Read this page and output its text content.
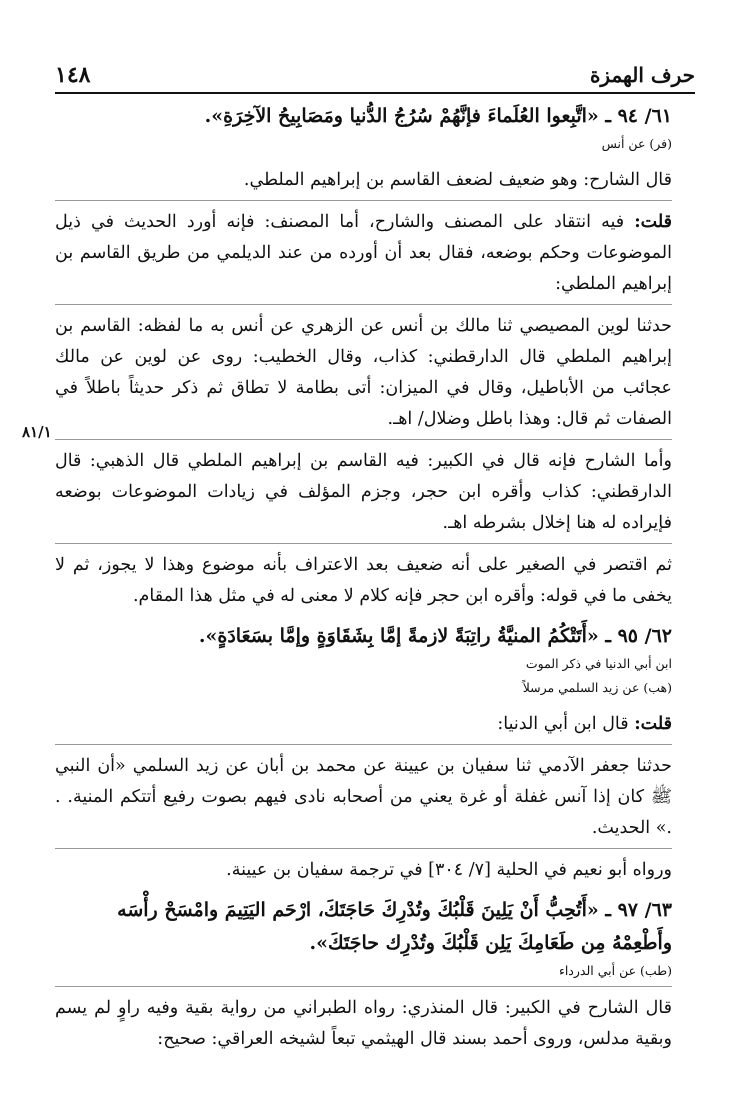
حرف الهمزة
١٤٨
٨١/١

٦١/ ٩٤ ـ «اتَّبِعوا العُلَماءَ فإنَّهُمْ سُرُجُ الدُّنيا ومَصَابِيحُ الآخِرَةِ».

(فر) عن أنس

قال الشارح: وهو ضعيف لضعف القاسم بن إبراهيم الملطي.

قلت: فيه انتقاد على المصنف والشارح، أما المصنف: فإنه أورد الحديث في ذيل الموضوعات وحكم بوضعه، فقال بعد أن أورده من عند الديلمي من طريق القاسم بن إبراهيم الملطي:

حدثنا لوين المصيصي ثنا مالك بن أنس عن الزهري عن أنس به ما لفظه: القاسم بن إبراهيم الملطي قال الدارقطني: كذاب، وقال الخطيب: روى عن لوين عن مالك عجائب من الأباطيل، وقال في الميزان: أتى بطامة لا تطاق ثم ذكر حديثاً باطلاً في الصفات ثم قال: وهذا باطل وضلال/ اهـ.

وأما الشارح فإنه قال في الكبير: فيه القاسم بن إبراهيم الملطي قال الذهبي: قال الدارقطني: كذاب وأقره ابن حجر، وجزم المؤلف في زيادات الموضوعات بوضعه فإيراده له هنا إخلال بشرطه اهـ.

ثم اقتصر في الصغير على أنه ضعيف بعد الاعتراف بأنه موضوع وهذا لا يجوز، ثم لا يخفى ما في قوله: وأقره ابن حجر فإنه كلام لا معنى له في مثل هذا المقام.

٦٢/ ٩٥ ـ «أَتَتْكُمُ المنيَّةُ راتِبَةً لازمةً إمَّا بِشَقَاوَةٍ وإمَّا بسَعَادَةٍ».

ابن أبي الدنيا في ذكر الموت

(هب) عن زيد السلمي مرسلاً

قلت: قال ابن أبي الدنيا:

حدثنا جعفر الآدمي ثنا سفيان بن عيينة عن محمد بن أبان عن زيد السلمي «أن النبي ﷺ كان إذا آنس غفلة أو غرة يعني من أصحابه نادى فيهم بصوت رفيع أتتكم المنية. . .» الحديث.

ورواه أبو نعيم في الحلية [٧/ ٣٠٤] في ترجمة سفيان بن عيينة.

٦٣/ ٩٧ ـ «أَتُحِبُّ أَنْ يَلِينَ قَلْبُكَ وتُدْرِكَ حَاجَتَكَ، ارْحَم اليَتِيمَ وامْسَحْ رأْسَه وأَطْعِمْهُ مِن طَعَامِكَ يَلِن قَلْبُكَ وتُدْرِك حاجَتَكَ».

(طب) عن أبي الدرداء

قال الشارح في الكبير: قال المنذري: رواه الطبراني من رواية بقية وفيه راوٍ لم يسم وبقية مدلس، وروى أحمد بسند قال الهيثمي تبعاً لشيخه العراقي: صحيح:
